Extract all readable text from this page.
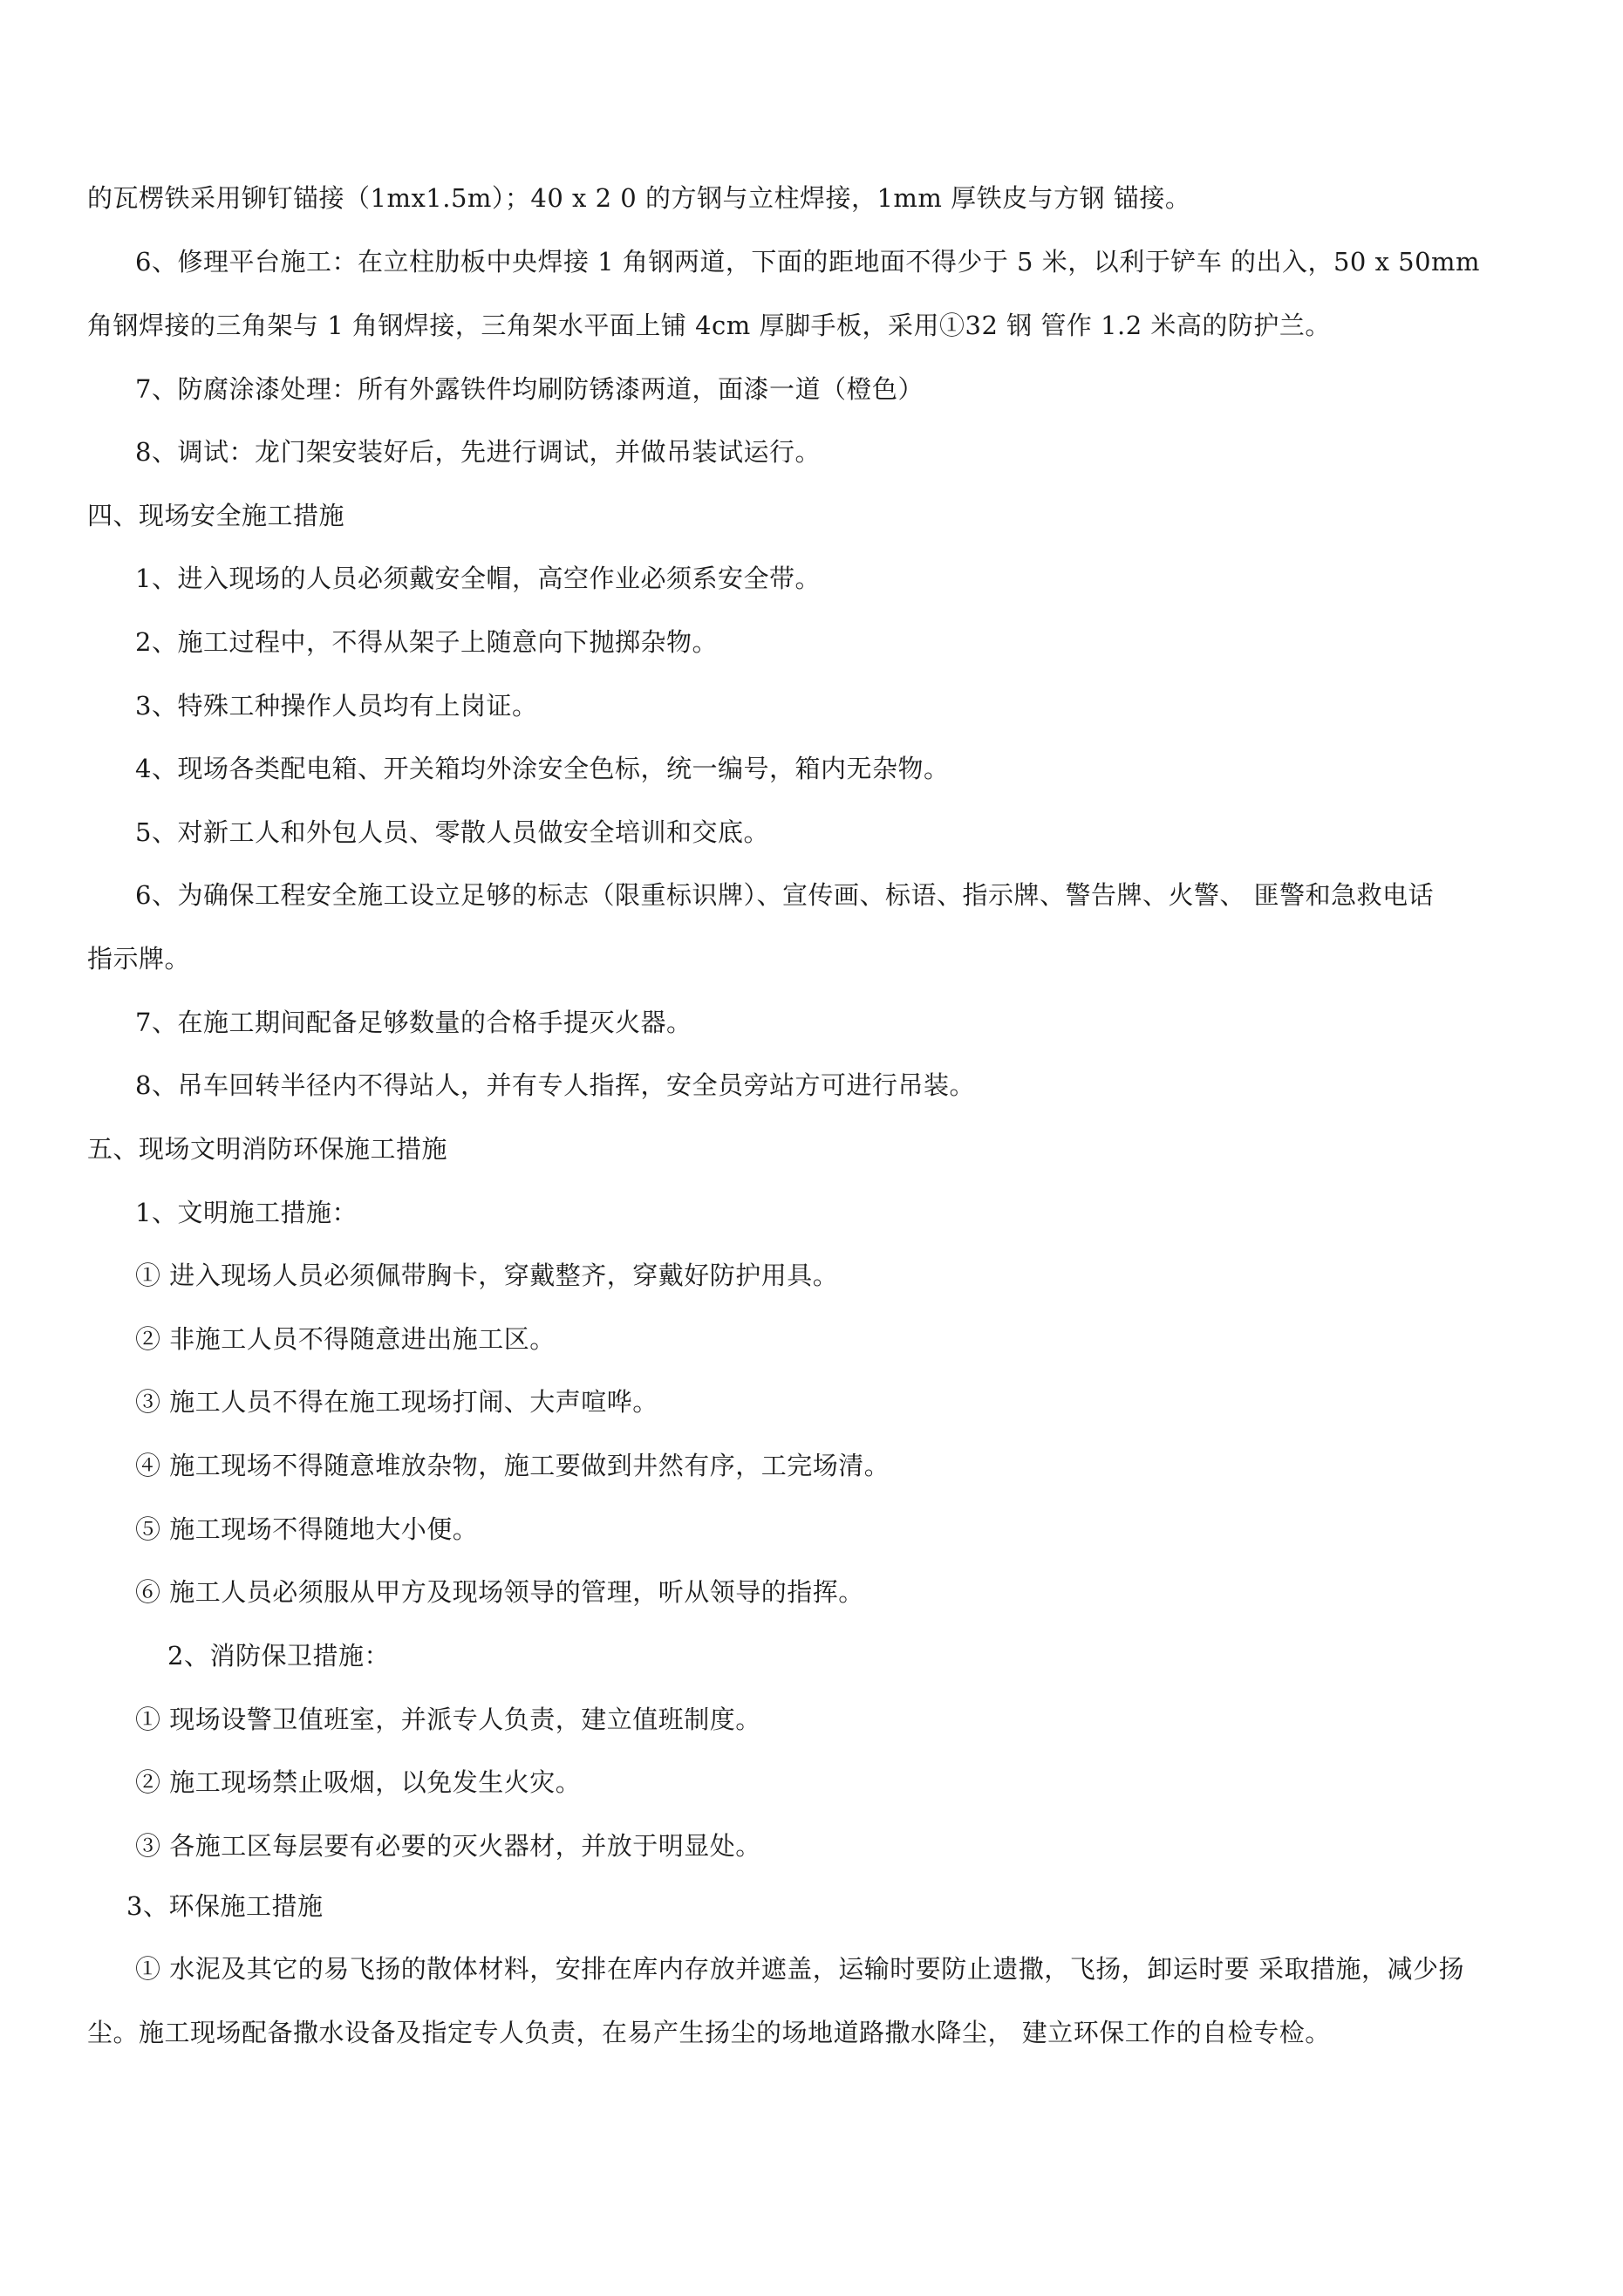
的瓦楞铁采用铆钉锚接（1mx1.5m）；40 x 2 0 的方钢与立柱焊接，1mm 厚铁皮与方钢 锚接。
6、修理平台施工：在立柱肋板中央焊接 1 角钢两道，下面的距地面不得少于 5 米，以利于铲车 的出入，50 x 50mm
角钢焊接的三角架与 1 角钢焊接，三角架水平面上铺 4cm 厚脚手板，采用①32 钢 管作 1.2 米高的防护兰。
7、防腐涂漆处理：所有外露铁件均刷防锈漆两道，面漆一道（橙色）
8、调试：龙门架安装好后，先进行调试，并做吊装试运行。
四、现场安全施工措施
1、进入现场的人员必须戴安全帽，高空作业必须系安全带。
2、施工过程中，不得从架子上随意向下抛掷杂物。
3、特殊工种操作人员均有上岗证。
4、现场各类配电箱、开关箱均外涂安全色标，统一编号，箱内无杂物。
5、对新工人和外包人员、零散人员做安全培训和交底。
6、为确保工程安全施工设立足够的标志（限重标识牌）、宣传画、标语、指示牌、警告牌、火警、 匪警和急救电话
指示牌。
7、在施工期间配备足够数量的合格手提灭火器。
8、吊车回转半径内不得站人，并有专人指挥，安全员旁站方可进行吊装。
五、现场文明消防环保施工措施
1、文明施工措施：
① 进入现场人员必须佩带胸卡，穿戴整齐，穿戴好防护用具。
② 非施工人员不得随意进出施工区。
③ 施工人员不得在施工现场打闹、大声喧哗。
④ 施工现场不得随意堆放杂物，施工要做到井然有序，工完场清。
⑤ 施工现场不得随地大小便。
⑥ 施工人员必须服从甲方及现场领导的管理，听从领导的指挥。
2、消防保卫措施：
① 现场设警卫值班室，并派专人负责，建立值班制度。
② 施工现场禁止吸烟，以免发生火灾。
③ 各施工区每层要有必要的灭火器材，并放于明显处。
3、环保施工措施
① 水泥及其它的易飞扬的散体材料，安排在库内存放并遮盖，运输时要防止遗撒，飞扬，卸运时要 采取措施，减少扬
尘。施工现场配备撒水设备及指定专人负责，在易产生扬尘的场地道路撒水降尘， 建立环保工作的自检专检。
